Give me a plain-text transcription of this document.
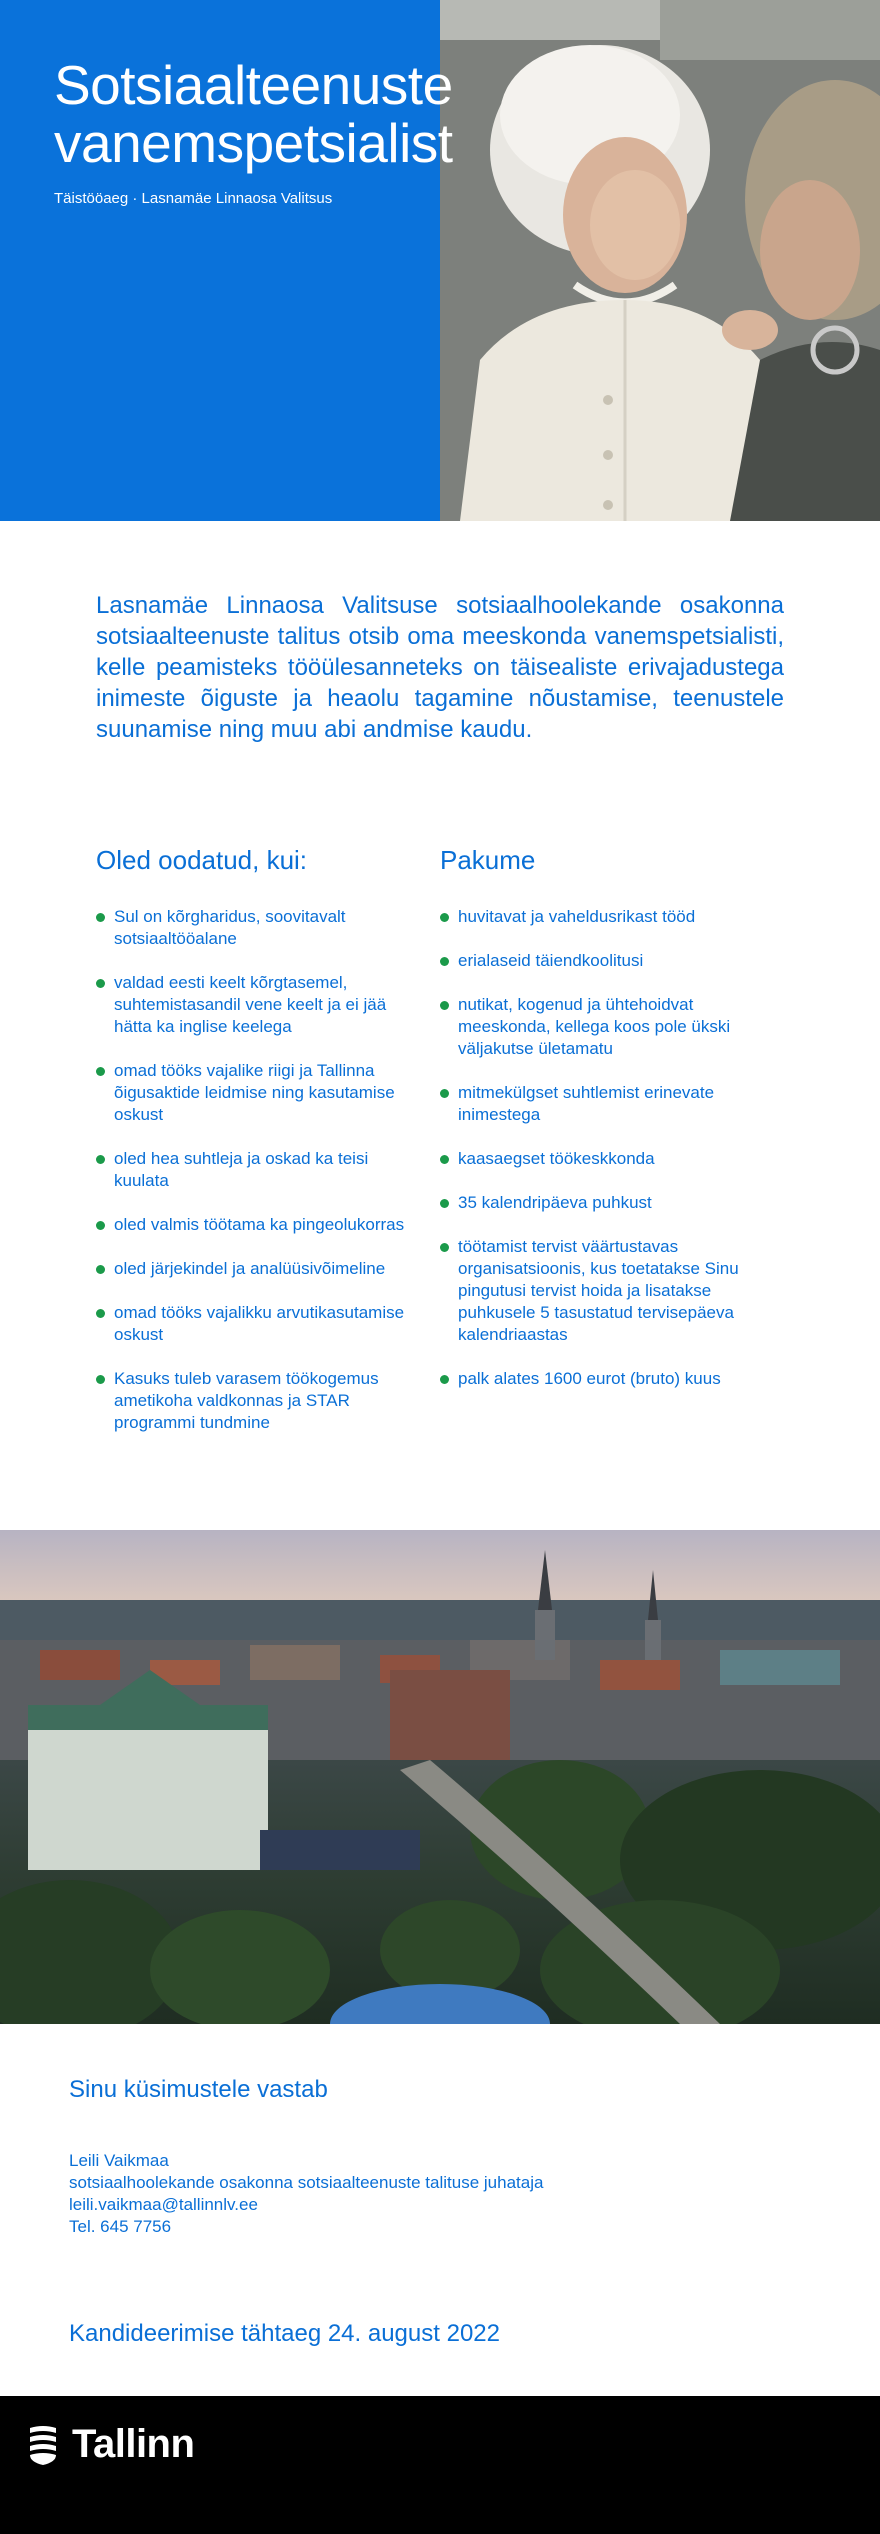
Sotsiaalteenuste vanemspetsialist
Täistööaeg · Lasnamäe Linnaosa Valitsus

Lasnamäe Linnaosa Valitsuse sotsiaalhoolekande osakonna sotsiaalteenuste talitus otsib oma meeskonda vanemspetsialisti, kelle peamisteks tööülesanneteks on täisealiste erivajadustega inimeste õiguste ja heaolu tagamine nõustamise, teenustele suunamise ning muu abi andmise kaudu.

Oled oodatud, kui:
Sul on kõrgharidus, soovitavalt sotsiaaltööalane
valdad eesti keelt kõrgtasemel, suhtemistasandil vene keelt ja ei jää hätta ka inglise keelega
omad tööks vajalike riigi ja Tallinna õigusaktide leidmise ning kasutamise oskust
oled hea suhtleja ja oskad ka teisi kuulata
oled valmis töötama ka pingeolukorras
oled järjekindel ja analüüsivõimeline
omad tööks vajalikku arvutikasutamise oskust
Kasuks tuleb varasem töökogemus ametikoha valdkonnas ja STAR programmi tundmine
Pakume
huvitavat ja vaheldusrikast tööd
erialaseid täiendkoolitusi
nutikat, kogenud ja ühtehoidvat meeskonda, kellega koos pole ükski väljakutse ületamatu
mitmekülgset suhtlemist erinevate inimestega
kaasaegset töökeskkonda
35 kalendripäeva puhkust
töötamist tervist väärtustavas organisatsioonis, kus toetatakse Sinu pingutusi tervist hoida ja lisatakse puhkusele 5 tasustatud tervisepäeva kalendriaastas
palk alates 1600 eurot (bruto) kuus
Sinu küsimustele vastab
Leili Vaikmaa
sotsiaalhoolekande osakonna sotsiaalteenuste talituse juhataja
leili.vaikmaa@tallinnlv.ee
Tel. 645 7756
Kandideerimise tähtaeg 24. august 2022
Tallinn
